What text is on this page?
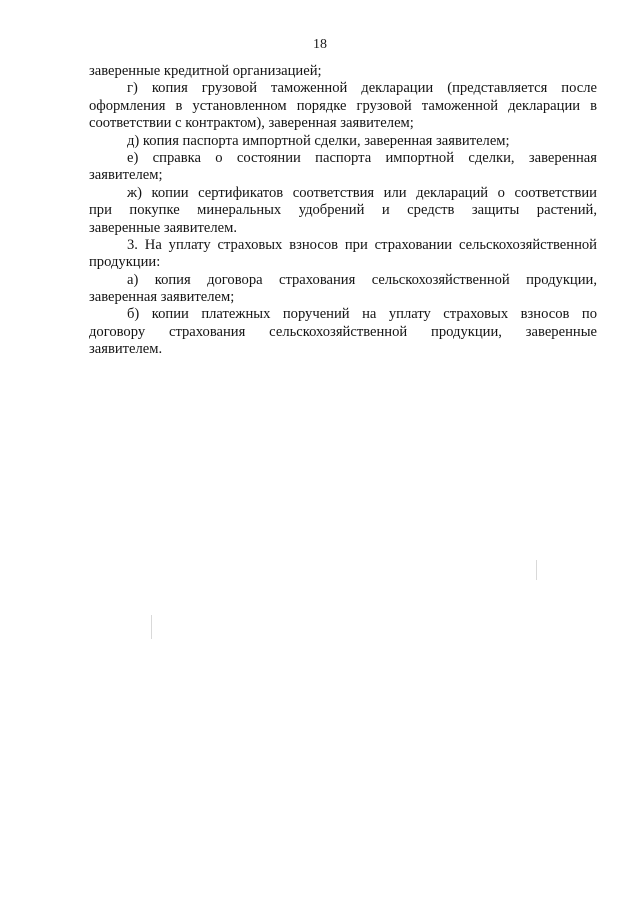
18
заверенные кредитной организацией;
г) копия грузовой таможенной декларации (представляется после
оформления в установленном порядке грузовой таможенной декларации в
соответствии с контрактом), заверенная заявителем;
д) копия паспорта импортной сделки, заверенная заявителем;
е) справка о состоянии паспорта импортной сделки, заверенная
заявителем;
ж) копии сертификатов соответствия или деклараций о соответствии
при покупке минеральных удобрений и средств защиты растений,
заверенные заявителем.
3. На уплату страховых взносов при страховании сельскохозяйственной
продукции:
а) копия договора страхования сельскохозяйственной продукции,
заверенная заявителем;
б) копии платежных поручений на уплату страховых взносов по
договору страхования сельскохозяйственной продукции, заверенные
заявителем.
